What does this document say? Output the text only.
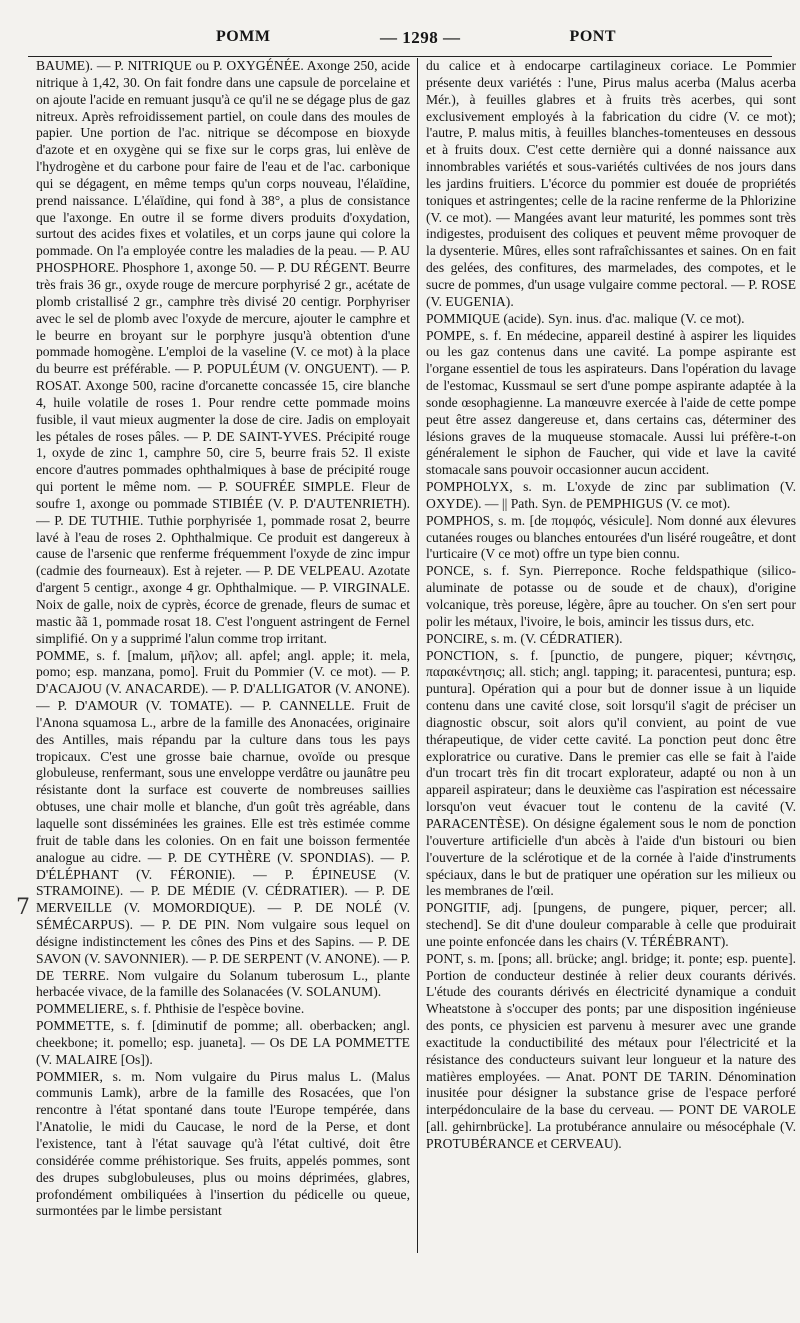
POMM	— 1298 —	PONT
7

BAUME). — P. NITRIQUE ou P. OXYGÉNÉE. Axonge 250, acide nitrique à 1,42, 30. On fait fondre dans une capsule de porcelaine et on ajoute l'acide en remuant jusqu'à ce qu'il ne se dégage plus de gaz nitreux. Après refroidissement partiel, on coule dans des moules de papier. Une portion de l'ac. nitrique se décompose en bioxyde d'azote et en oxygène qui se fixe sur le corps gras, lui enlève de l'hydrogène et du carbone pour faire de l'eau et de l'ac. carbonique qui se dégagent, en même temps qu'un corps nouveau, l'élaïdine, prend naissance. L'élaïdine, qui fond à 38°, a plus de consistance que l'axonge. En outre il se forme divers produits d'oxydation, surtout des acides fixes et volatiles, et un corps jaune qui colore la pommade. On l'a employée contre les maladies de la peau. — P. AU PHOSPHORE. Phosphore 1, axonge 50. — P. DU RÉGENT. Beurre très frais 36 gr., oxyde rouge de mercure porphyrisé 2 gr., acétate de plomb cristallisé 2 gr., camphre très divisé 20 centigr. Porphyriser avec le sel de plomb avec l'oxyde de mercure, ajouter le camphre et le beurre en broyant sur le porphyre jusqu'à obtention d'une pommade homogène. L'emploi de la vaseline (V. ce mot) à la place du beurre est préférable. — P. POPULÉUM (V. ONGUENT). — P. ROSAT. Axonge 500, racine d'orcanette concassée 15, cire blanche 4, huile volatile de roses 1. Pour rendre cette pommade moins fusible, il vaut mieux augmenter la dose de cire. Jadis on employait les pétales de roses pâles. — P. DE SAINT-YVES. Précipité rouge 1, oxyde de zinc 1, camphre 50, cire 5, beurre frais 52. Il existe encore d'autres pommades ophthalmiques à base de précipité rouge qui portent le même nom. — P. SOUFRÉE SIMPLE. Fleur de soufre 1, axonge ou pommade STIBIÉE (V. P. D'AUTENRIETH). — P. DE TUTHIE. Tuthie porphyrisée 1, pommade rosat 2, beurre lavé à l'eau de roses 2. Ophthalmique. Ce produit est dangereux à cause de l'arsenic que renferme fréquemment l'oxyde de zinc impur (cadmie des fourneaux). Est à rejeter. — P. DE VELPEAU. Azotate d'argent 5 centigr., axonge 4 gr. Ophthalmique. — P. VIRGINALE. Noix de galle, noix de cyprès, écorce de grenade, fleurs de sumac et mastic ãã 1, pommade rosat 18. C'est l'onguent astringent de Fernel simplifié. On y a supprimé l'alun comme trop irritant.

POMME, s. f. [malum, μῆλον; all. apfel; angl. apple; it. mela, pomo; esp. manzana, pomo]. Fruit du Pommier (V. ce mot). — P. D'ACAJOU (V. ANACARDE). — P. D'ALLIGATOR (V. ANONE). — P. D'AMOUR (V. TOMATE). — P. CANNELLE. Fruit de l'Anona squamosa L., arbre de la famille des Anonacées, originaire des Antilles, mais répandu par la culture dans tous les pays tropicaux. C'est une grosse baie charnue, ovoïde ou presque globuleuse, renfermant, sous une enveloppe verdâtre ou jaunâtre peu résistante dont la surface est couverte de nombreuses saillies obtuses, une chair molle et blanche, d'un goût très agréable, dans laquelle sont disséminées les graines. Elle est très estimée comme fruit de table dans les colonies. On en fait une boisson fermentée analogue au cidre. — P. DE CYTHÈRE (V. SPONDIAS). — P. D'ÉLÉPHANT (V. FÉRONIE). — P. ÉPINEUSE (V. STRAMOINE). — P. DE MÉDIE (V. CÉDRATIER). — P. DE MERVEILLE (V. MOMORDIQUE). — P. DE NOLÉ (V. SÉMÉCARPUS). — P. DE PIN. Nom vulgaire sous lequel on désigne indistinctement les cônes des Pins et des Sapins. — P. DE SAVON (V. SAVONNIER). — P. DE SERPENT (V. ANONE). — P. DE TERRE. Nom vulgaire du Solanum tuberosum L., plante herbacée vivace, de la famille des Solanacées (V. SOLANUM).

POMMELIERE, s. f. Phthisie de l'espèce bovine.

POMMETTE, s. f. [diminutif de pomme; all. oberbacken; angl. cheekbone; it. pomello; esp. juaneta]. — Os DE LA POMMETTE (V. MALAIRE [Os]).

POMMIER, s. m. Nom vulgaire du Pirus malus L. (Malus communis Lamk), arbre de la famille des Rosacées, que l'on rencontre à l'état spontané dans toute l'Europe tempérée, dans l'Anatolie, le midi du Caucase, le nord de la Perse, et dont l'existence, tant à l'état sauvage qu'à l'état cultivé, doit être considérée comme préhistorique. Ses fruits, appelés pommes, sont des drupes subglobuleuses, plus ou moins déprimées, glabres, profondément ombiliquées à l'insertion du pédicelle ou queue, surmontées par le limbe persistant

du calice et à endocarpe cartilagineux coriace. Le Pommier présente deux variétés : l'une, Pirus malus acerba (Malus acerba Mér.), à feuilles glabres et à fruits très acerbes, qui sont exclusivement employés à la fabrication du cidre (V. ce mot); l'autre, P. malus mitis, à feuilles blanches-tomenteuses en dessous et à fruits doux. C'est cette dernière qui a donné naissance aux innombrables variétés et sous-variétés cultivées de nos jours dans les jardins fruitiers. L'écorce du pommier est douée de propriétés toniques et astringentes; celle de la racine renferme de la Phlorizine (V. ce mot). — Mangées avant leur maturité, les pommes sont très indigestes, produisent des coliques et peuvent même provoquer de la dysenterie. Mûres, elles sont rafraîchissantes et saines. On en fait des gelées, des confitures, des marmelades, des compotes, et le sucre de pommes, d'un usage vulgaire comme pectoral. — P. ROSE (V. EUGENIA).

POMMIQUE (acide). Syn. inus. d'ac. malique (V. ce mot).

POMPE, s. f. En médecine, appareil destiné à aspirer les liquides ou les gaz contenus dans une cavité. La pompe aspirante est l'organe essentiel de tous les aspirateurs. Dans l'opération du lavage de l'estomac, Kussmaul se sert d'une pompe aspirante adaptée à la sonde œsophagienne. La manœuvre exercée à l'aide de cette pompe peut être assez dangereuse et, dans certains cas, déterminer des lésions graves de la muqueuse stomacale. Aussi lui préfère-t-on généralement le siphon de Faucher, qui vide et lave la cavité stomacale sans pouvoir occasionner aucun accident.

POMPHOLYX, s. m. L'oxyde de zinc par sublimation (V. OXYDE). — || Path. Syn. de PEMPHIGUS (V. ce mot).

POMPHOS, s. m. [de πομφός, vésicule]. Nom donné aux élevures cutanées rouges ou blanches entourées d'un liséré rougeâtre, et dont l'urticaire (V ce mot) offre un type bien connu.

PONCE, s. f. Syn. Pierreponce. Roche feldspathique (silico-aluminate de potasse ou de soude et de chaux), d'origine volcanique, très poreuse, légère, âpre au toucher. On s'en sert pour polir les métaux, l'ivoire, le bois, amincir les tissus durs, etc.

PONCIRE, s. m. (V. CÉDRATIER).

PONCTION, s. f. [punctio, de pungere, piquer; κέντησις, παρακέντησις; all. stich; angl. tapping; it. paracentesi, puntura; esp. puntura]. Opération qui a pour but de donner issue à un liquide contenu dans une cavité close, soit lorsqu'il s'agit de préciser un diagnostic obscur, soit alors qu'il convient, au point de vue thérapeutique, de vider cette cavité. La ponction peut donc être exploratrice ou curative. Dans le premier cas elle se fait à l'aide d'un trocart très fin dit trocart explorateur, adapté ou non à un appareil aspirateur; dans le deuxième cas l'aspiration est nécessaire lorsqu'on veut évacuer tout le contenu de la cavité (V. PARACENTÈSE). On désigne également sous le nom de ponction l'ouverture artificielle d'un abcès à l'aide d'un bistouri ou bien l'ouverture de la sclérotique et de la cornée à l'aide d'instruments spéciaux, dans le but de pratiquer une opération sur les milieux ou les membranes de l'œil.

PONGITIF, adj. [pungens, de pungere, piquer, percer; all. stechend]. Se dit d'une douleur comparable à celle que produirait une pointe enfoncée dans les chairs (V. TÉRÉBRANT).

PONT, s. m. [pons; all. brücke; angl. bridge; it. ponte; esp. puente]. Portion de conducteur destinée à relier deux courants dérivés. L'étude des courants dérivés en électricité dynamique a conduit Wheatstone à s'occuper des ponts; par une disposition ingénieuse des ponts, ce physicien est parvenu à mesurer avec une grande exactitude la conductibilité des métaux pour l'électricité et la résistance des conducteurs suivant leur longueur et la nature des matières employées. — Anat. PONT DE TARIN. Dénomination inusitée pour désigner la substance grise de l'espace perforé interpédonculaire de la base du cerveau. — PONT DE VAROLE [all. gehirnbrücke]. La protubérance annulaire ou mésocéphale (V. PROTUBÉRANCE et CERVEAU).
